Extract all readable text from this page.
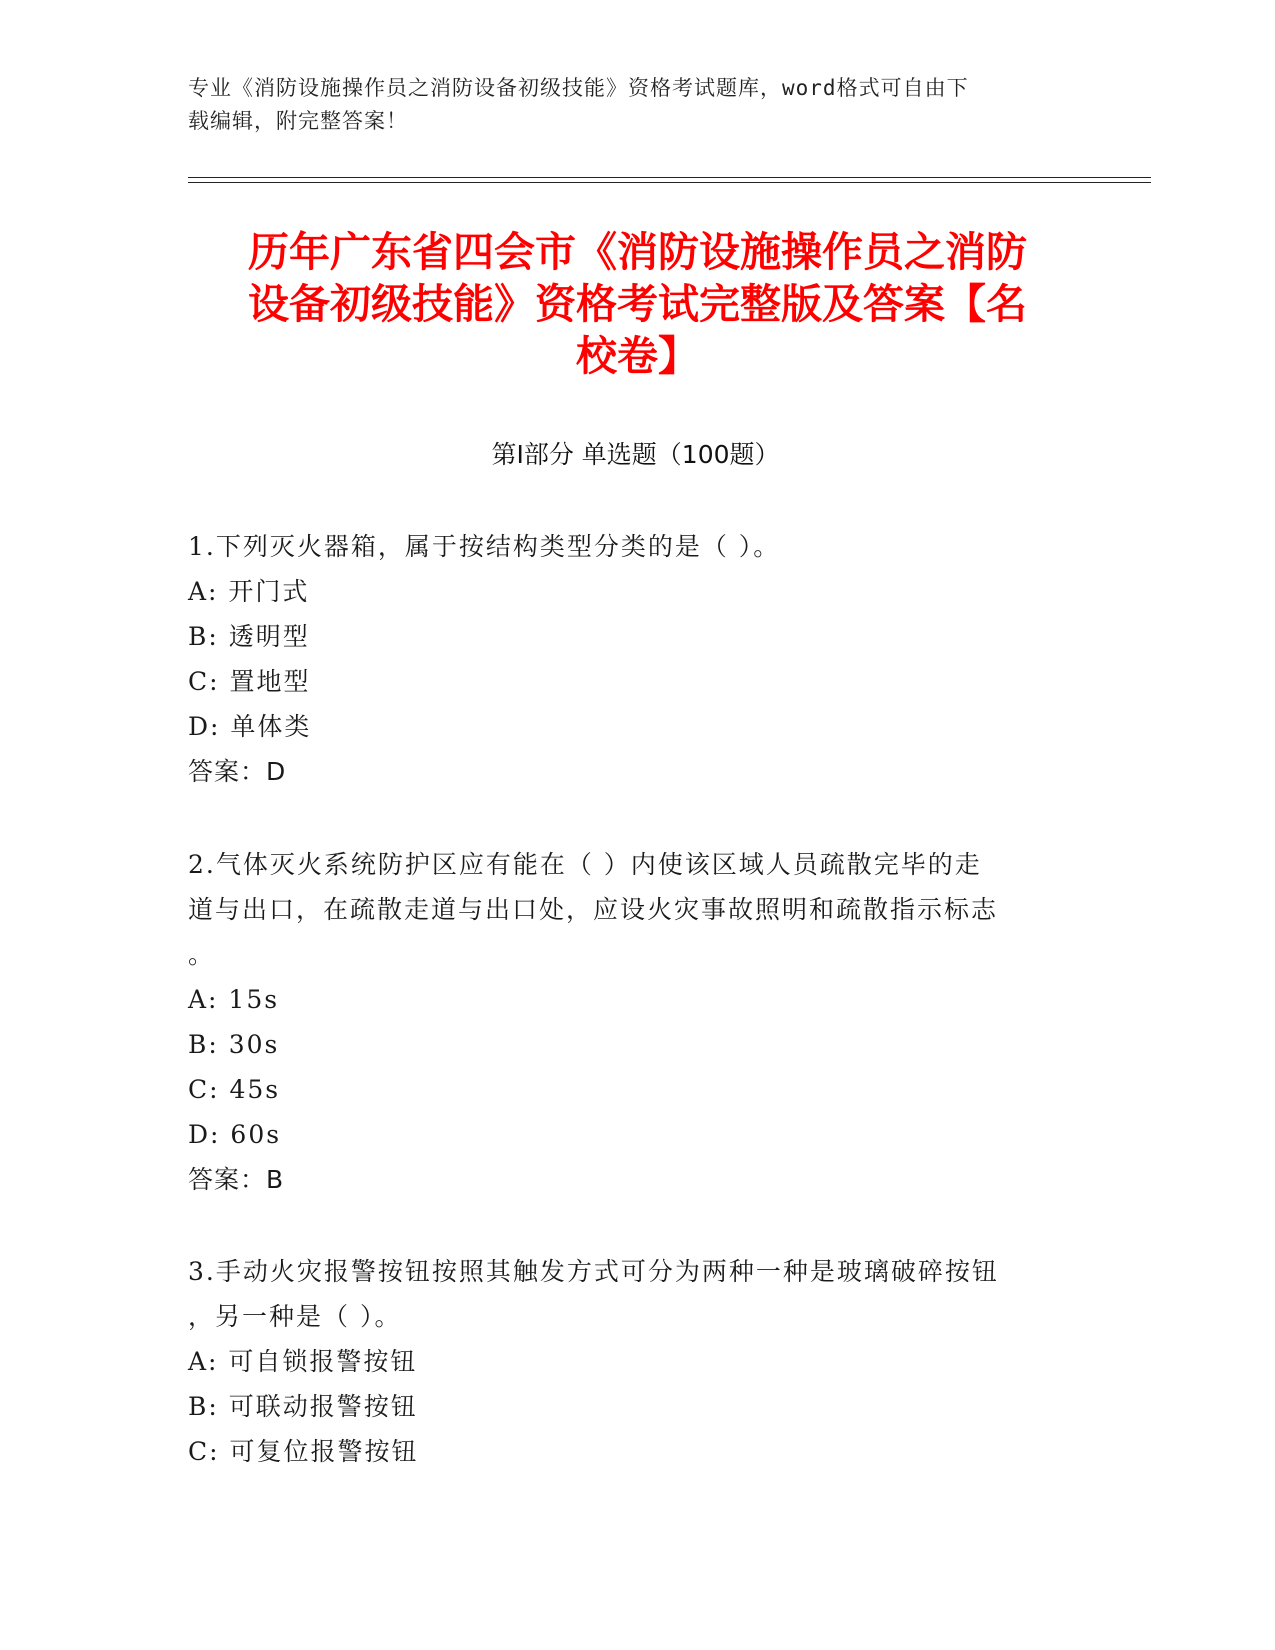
专业《消防设施操作员之消防设备初级技能》资格考试题库，word格式可自由下
载编辑，附完整答案！
历年广东省四会市《消防设施操作员之消防
设备初级技能》资格考试完整版及答案【名
校卷】
第Ⅰ部分 单选题（100题）
1.下列灭火器箱，属于按结构类型分类的是（ ）。
A: 开门式
B: 透明型
C: 置地型
D: 单体类
答案：D
2.气体灭火系统防护区应有能在（ ）内使该区域人员疏散完毕的走
道与出口，在疏散走道与出口处，应设火灾事故照明和疏散指示标志
。
A: 15s
B: 30s
C: 45s
D: 60s
答案：B
3.手动火灾报警按钮按照其触发方式可分为两种一种是玻璃破碎按钮
，另一种是（ ）。
A: 可自锁报警按钮
B: 可联动报警按钮
C: 可复位报警按钮
